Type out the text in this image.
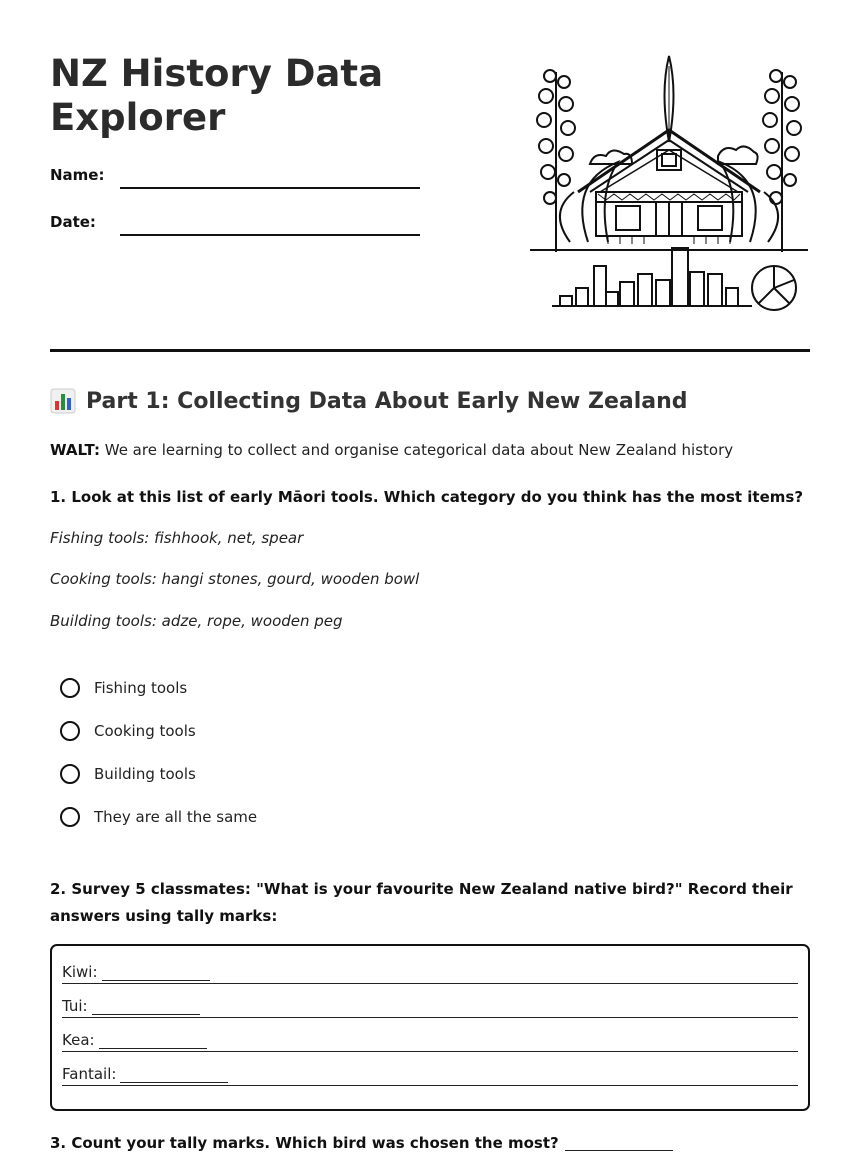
NZ History Data Explorer
Name:
Date:
Part 1: Collecting Data About Early New Zealand
WALT: We are learning to collect and organise categorical data about New Zealand history
1. Look at this list of early Māori tools. Which category do you think has the most items?
Fishing tools: fishhook, net, spear
Cooking tools: hangi stones, gourd, wooden bowl
Building tools: adze, rope, wooden peg
Fishing tools
Cooking tools
Building tools
They are all the same
2. Survey 5 classmates: "What is your favourite New Zealand native bird?" Record their answers using tally marks:
Kiwi:
Tui:
Kea:
Fantail:
3. Count your tally marks. Which bird was chosen the most?
